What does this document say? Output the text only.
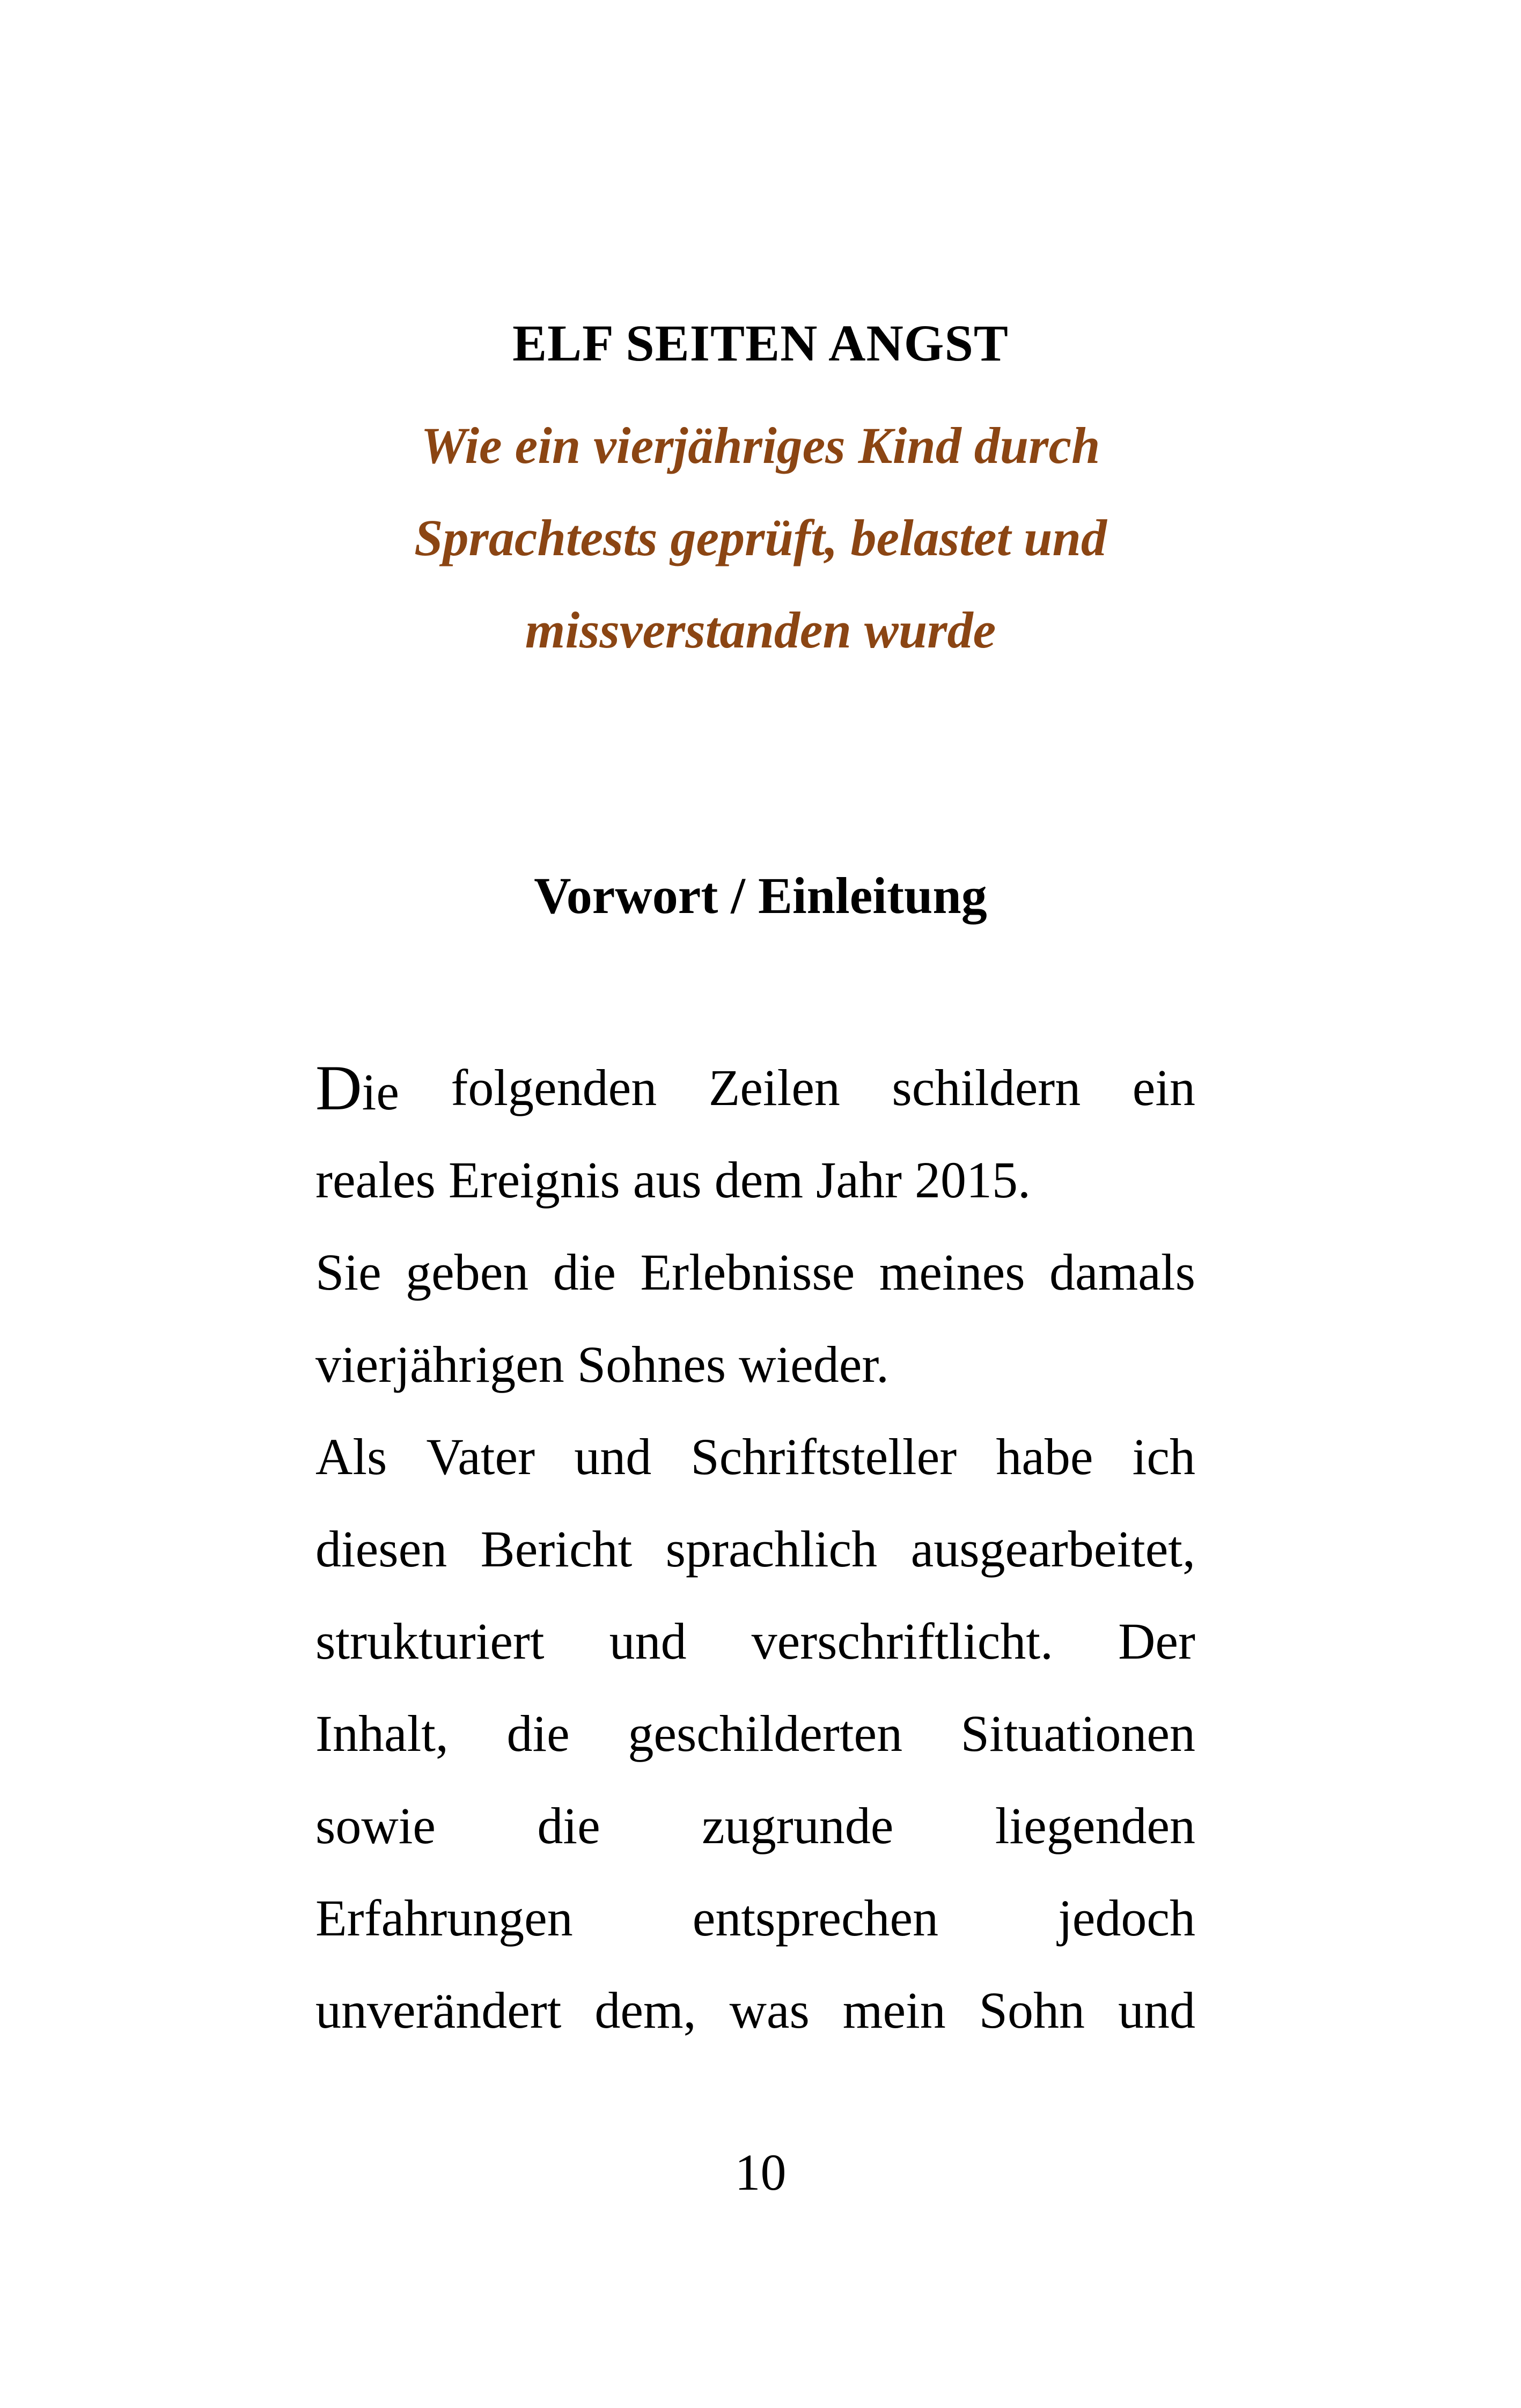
ELF SEITEN ANGST
Wie ein vierjähriges Kind durch
Sprachtests geprüft, belastet und
missverstanden wurde
Vorwort / Einleitung
Die folgenden Zeilen schildern ein
reales Ereignis aus dem Jahr 2015.
Sie geben die Erlebnisse meines damals
vierjährigen Sohnes wieder.
Als Vater und Schriftsteller habe ich
diesen Bericht sprachlich ausgearbeitet,
strukturiert und verschriftlicht. Der
Inhalt, die geschilderten Situationen
sowie die zugrunde liegenden
Erfahrungen entsprechen jedoch
unverändert dem, was mein Sohn und
10
